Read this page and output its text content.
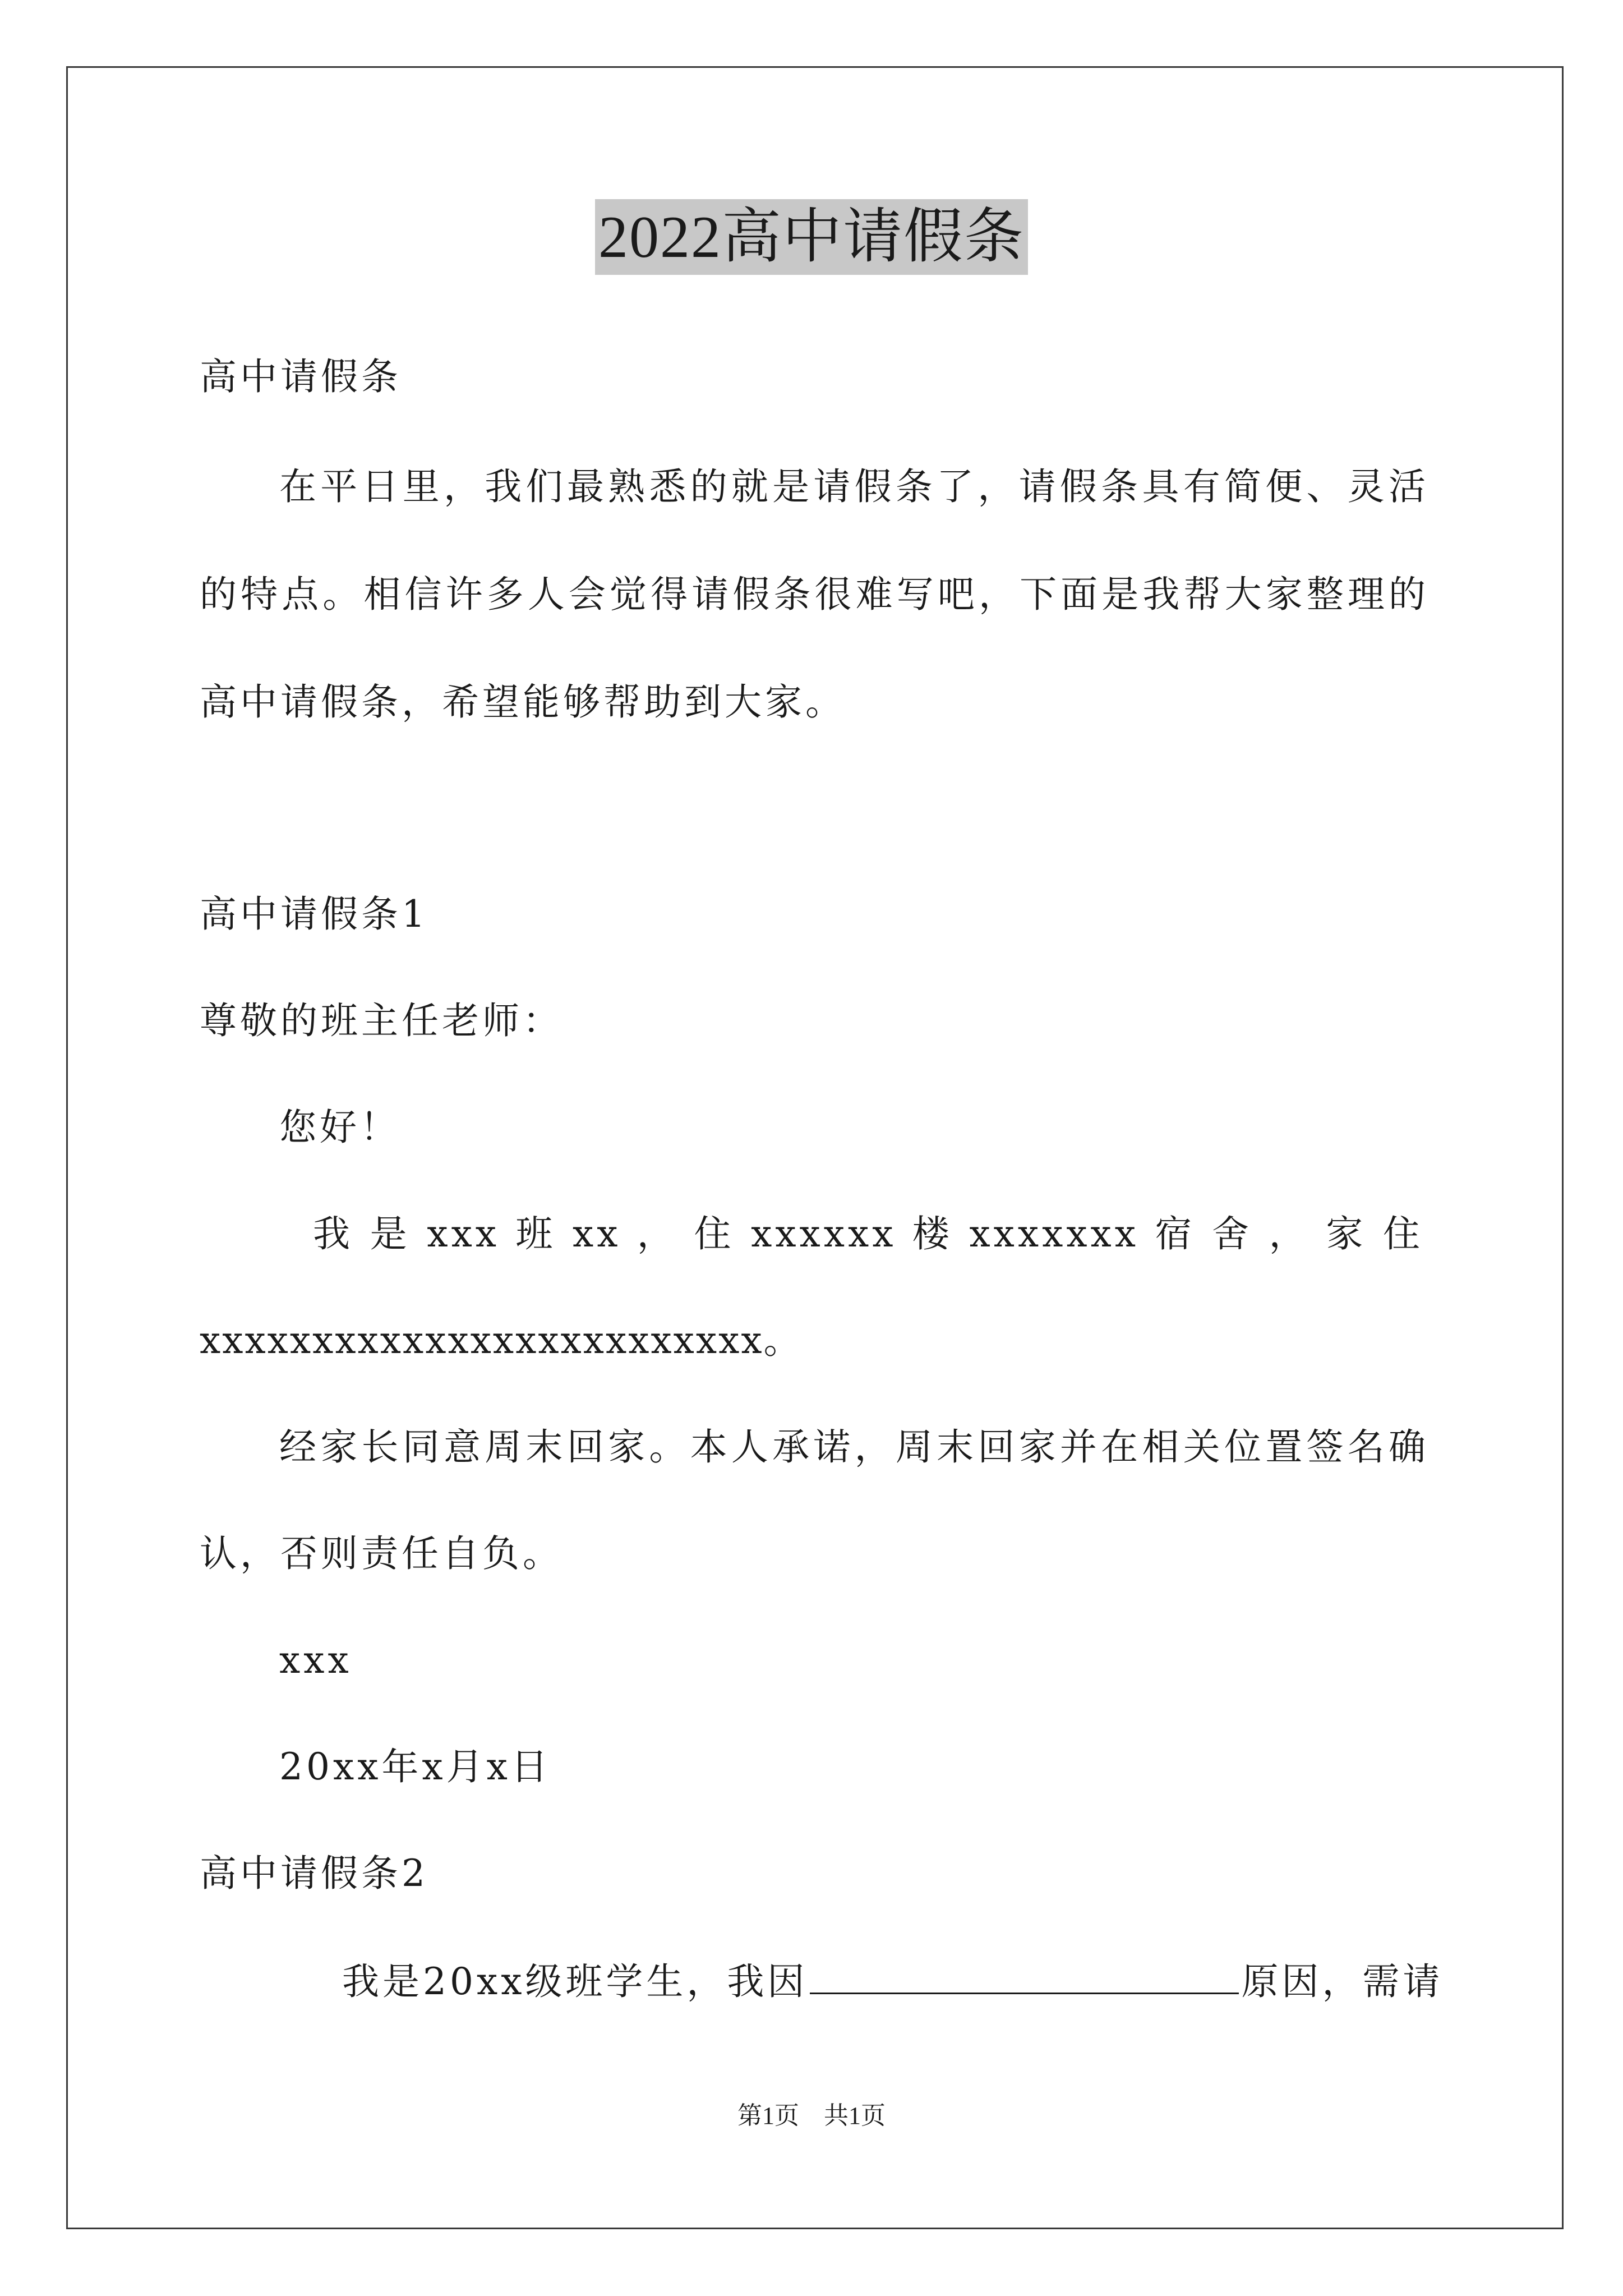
2022高中请假条
高中请假条
在平日里，我们最熟悉的就是请假条了，请假条具有简便、灵活
的特点。相信许多人会觉得请假条很难写吧，下面是我帮大家整理的
高中请假条，希望能够帮助到大家。
高中请假条1
尊敬的班主任老师：
您好！
我 是 xxx 班 xx ， 住 xxxxxx 楼 xxxxxxx 宿 舍 ， 家 住
xxxxxxxxxxxxxxxxxxxxxxxxx。
经家长同意周末回家。本人承诺，周末回家并在相关位置签名确
认，否则责任自负。
xxx
20xx年x月x日
高中请假条2
我是20xx级班学生，我因	原因，需请
第1页　共1页
